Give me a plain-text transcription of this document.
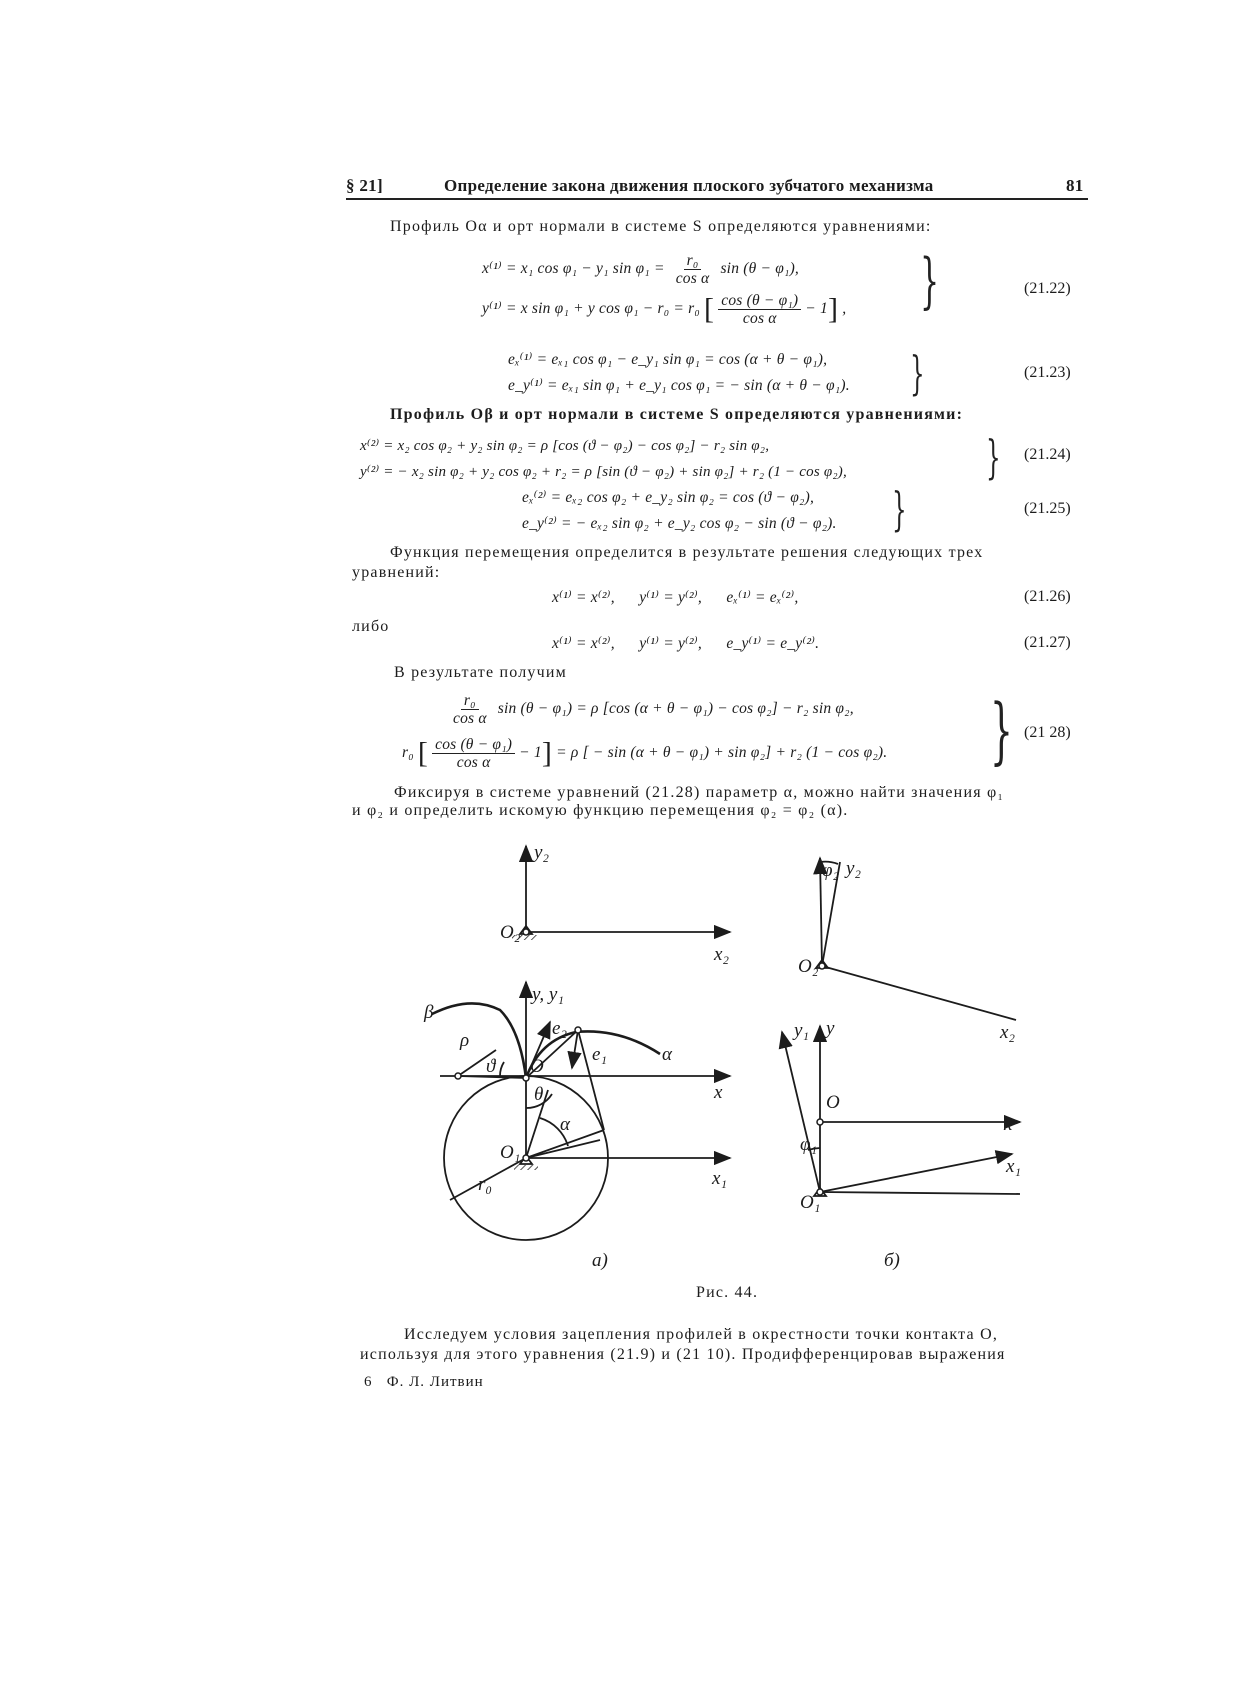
§ 21]	Определение закона движения плоского зубчатого механизма	81
Профиль Oα и орт нормали в системе S определяются уравнениями:
x⁽¹⁾ = x₁ cos φ₁ − y₁ $\sin \varphi_1 = \frac{\text{r₀}}{\text{cos α}}$ sin (θ − φ₁),
y⁽¹⁾ = x sin φ₁ + y cos φ₁ − r₀ = r₀ [ $\frac{\text{cos (θ − φ₁)}}{\text{cos α}} - 1$] , }	(21.22)
eₓ⁽¹⁾ = eₓ₁ cos φ₁ − e_y₁ sin φ₁ = cos (α + θ − φ₁),
e_y⁽¹⁾ = eₓ₁ sin φ₁ + e_y₁ cos φ₁ = − sin (α + θ − φ₁). }	(21.23)
Профиль Oβ и орт нормали в системе S определяются уравнениями:
x⁽²⁾ = x₂ cos φ₂ + y₂ sin φ₂ = ρ [cos (ϑ − φ₂) − cos φ₂] − r₂ sin φ₂,
y⁽²⁾ = − x₂ sin φ₂ + y₂ cos φ₂ + r₂ = ρ [sin (ϑ − φ₂) + sin φ₂] + r₂ (1 − cos φ₂),	} (21.24)
eₓ⁽²⁾ = eₓ₂ cos φ₂ + e_y₂ sin φ₂ = cos (ϑ − φ₂),
e_y⁽²⁾ = − eₓ₂ sin φ₂ + e_y₂ cos φ₂ − sin (ϑ − φ₂). }	(21.25)
Функция перемещения определится в результате решения следующих трех
уравнений:
x⁽¹⁾ = x⁽²⁾,      y⁽¹⁾ = y⁽²⁾,      eₓ⁽¹⁾ = eₓ⁽²⁾,	(21.26)
либо
x⁽¹⁾ = x⁽²⁾,      y⁽¹⁾ = y⁽²⁾,      e_y⁽¹⁾ = e_y⁽²⁾.	(21.27)
В результате получим
$\frac{\text{r₀}}{\text{cos α}}$ sin (θ − φ₁) = ρ [cos (α + θ − φ₁) − cos φ₂] − r₂ sin φ₂,
r₀ [ $\frac{\text{cos (θ − φ₁)}}{\text{cos α}} - 1] = \rho$ [ − sin (α + θ − φ₁) + sin φ₂] + r₂ (1 − cos φ₂). } (21 28)
Фиксируя в системе уравнений (21.28) параметр α, можно найти значения φ₁
и φ₂ и определить искомую функцию перемещения φ₂ = φ₂ (α).
y₂
x₂
O₂
y, y₁
β
ρ
e₂
e₁
ϑ O
α
x
θ
α
O₁
r₀	x₁
φ₂ y₂
O₂
x₂
y₁ y
O
x
φ₁
x₁
O₁
а)	б)
Рис. 44.
Исследуем условия зацепления профилей в окрестности точки контакта O,
используя для этого уравнения (21.9) и (21 10). Продифференцировав выражения
6   Ф. Л. Литвин
